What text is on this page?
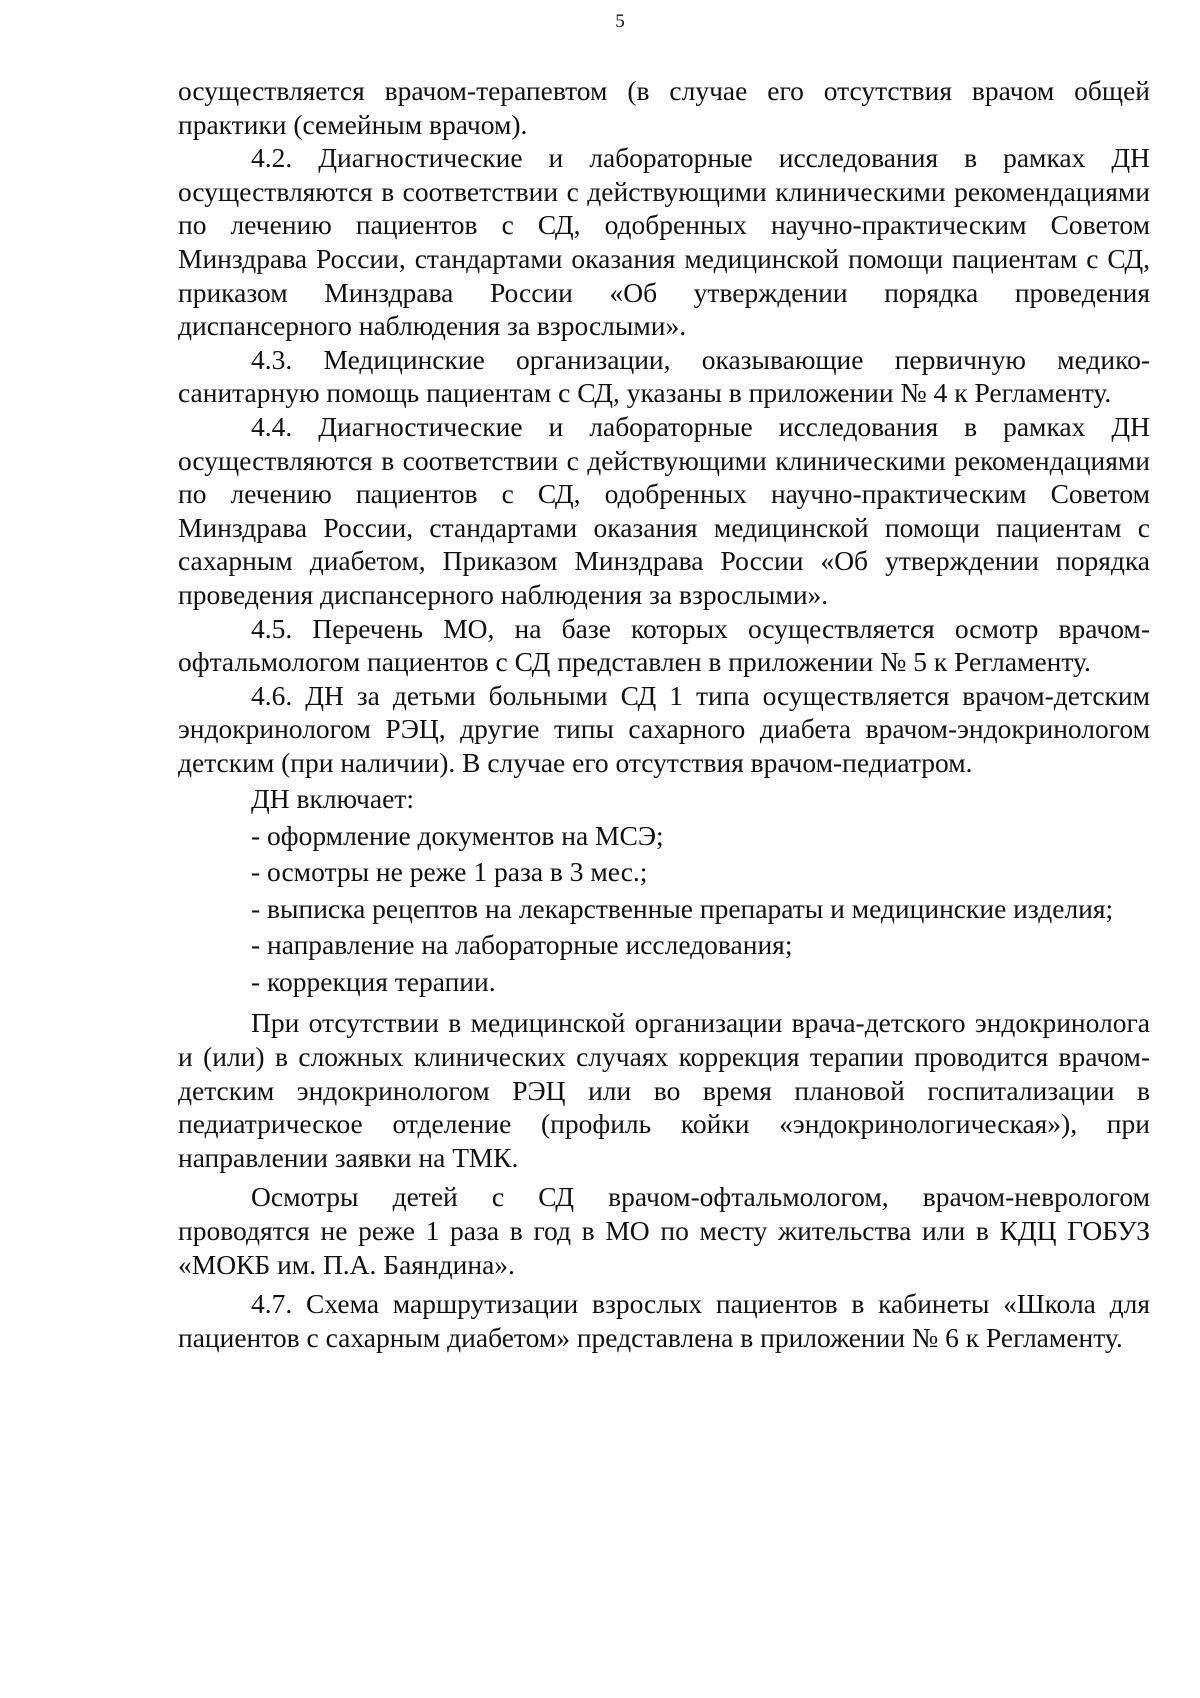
5

осуществляется врачом-терапевтом (в случае его отсутствия врачом общей практики (семейным врачом).

4.2. Диагностические и лабораторные исследования в рамках ДН осуществляются в соответствии с действующими клиническими рекомендациями по лечению пациентов с СД, одобренных научно-практическим Советом Минздрава России, стандартами оказания медицинской помощи пациентам с СД, приказом Минздрава России «Об утверждении порядка проведения диспансерного наблюдения за взрослыми».

4.3. Медицинские организации, оказывающие первичную медико-санитарную помощь пациентам с СД, указаны в приложении № 4 к Регламенту.

4.4. Диагностические и лабораторные исследования в рамках ДН осуществляются в соответствии с действующими клиническими рекомендациями по лечению пациентов с СД, одобренных научно-практическим Советом Минздрава России, стандартами оказания медицинской помощи пациентам с сахарным диабетом, Приказом Минздрава России «Об утверждении порядка проведения диспансерного наблюдения за взрослыми».

4.5. Перечень МО, на базе которых осуществляется осмотр врачом-офтальмологом пациентов с СД представлен в приложении № 5 к Регламенту.

4.6. ДН за детьми больными СД 1 типа осуществляется врачом-детским эндокринологом РЭЦ, другие типы сахарного диабета врачом-эндокринологом детским (при наличии). В случае его отсутствия врачом-педиатром.

ДН включает:

- оформление документов на МСЭ;

- осмотры не реже 1 раза в 3 мес.;

- выписка рецептов на лекарственные препараты и медицинские изделия;

- направление на лабораторные исследования;

- коррекция терапии.

При отсутствии в медицинской организации врача-детского эндокринолога и (или) в сложных клинических случаях коррекция терапии проводится врачом-детским эндокринологом РЭЦ или во время плановой госпитализации в педиатрическое отделение (профиль койки «эндокринологическая»), при направлении заявки на ТМК.

Осмотры детей с СД врачом-офтальмологом, врачом-неврологом проводятся не реже 1 раза в год в МО по месту жительства или в КДЦ ГОБУЗ «МОКБ им. П.А. Баяндина».

4.7. Схема маршрутизации взрослых пациентов в кабинеты «Школа для пациентов с сахарным диабетом» представлена в приложении № 6 к Регламенту.
